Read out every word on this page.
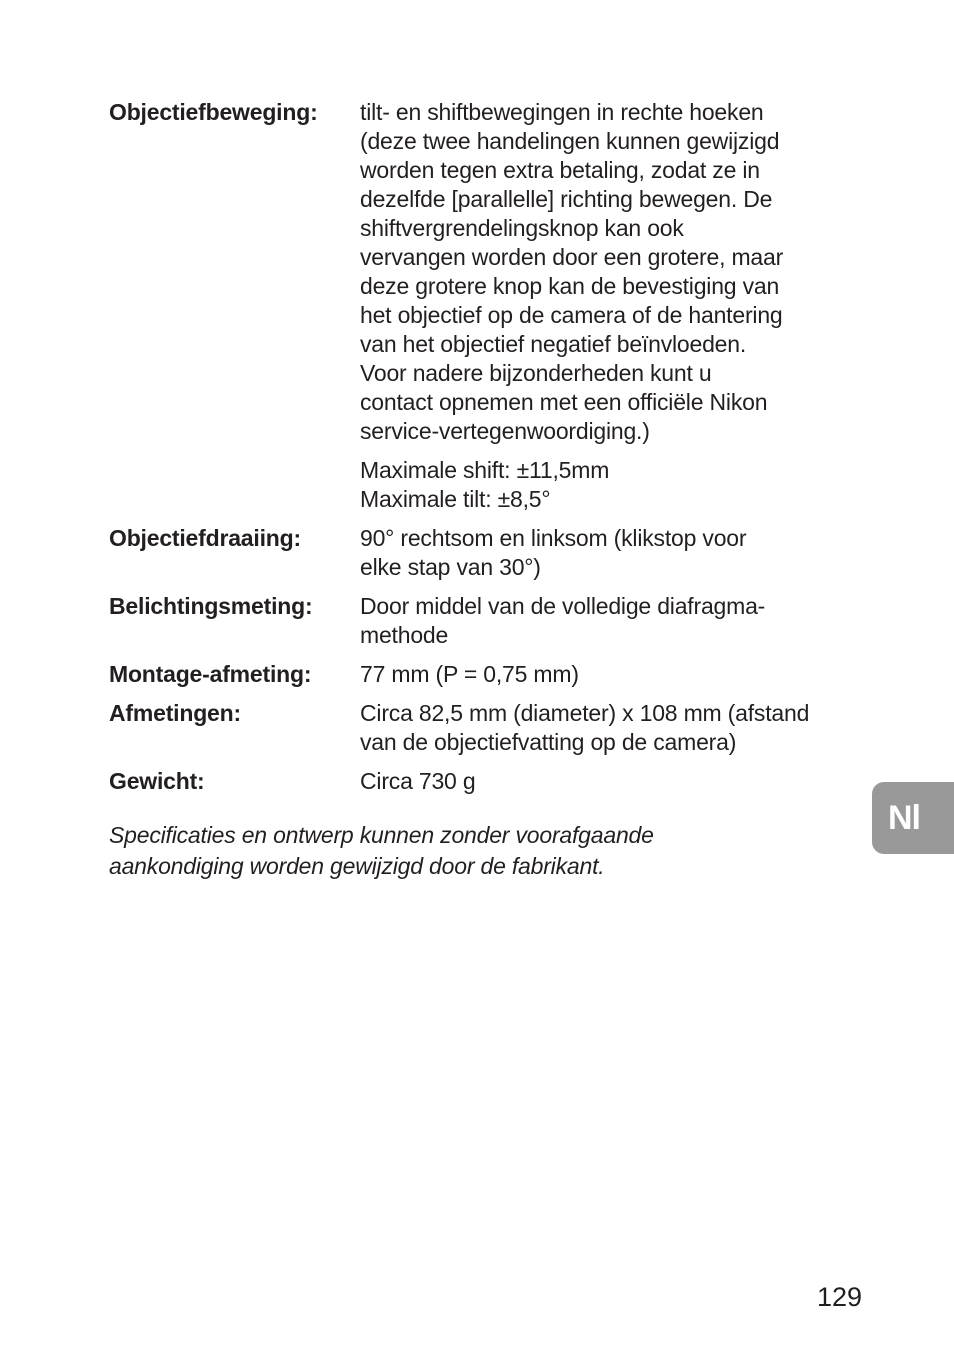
Objectiefbeweging:	tilt- en shiftbewegingen in rechte hoeken
(deze twee handelingen kunnen gewijzigd
worden tegen extra betaling, zodat ze in
dezelfde [parallelle] richting bewegen. De
shiftvergrendelingsknop kan ook
vervangen worden door een grotere, maar
deze grotere knop kan de bevestiging van
het objectief op de camera of de hantering
van het objectief negatief beïnvloeden.
Voor nadere bijzonderheden kunt u
contact opnemen met een officiële Nikon
service-vertegenwoordiging.)

Maximale shift: ±11,5mm
Maximale tilt: ±8,5°

Objectiefdraaiing:	90° rechtsom en linksom (klikstop voor
elke stap van 30°)

Belichtingsmeting:	Door middel van de volledige diafragma-
methode

Montage-afmeting:	77 mm (P = 0,75 mm)

Afmetingen:	Circa 82,5 mm (diameter) x 108 mm (afstand
van de objectiefvatting op de camera)

Gewicht:	Circa 730 g

Specificaties en ontwerp kunnen zonder voorafgaande
aankondiging worden gewijzigd door de fabrikant.

Nl
129
